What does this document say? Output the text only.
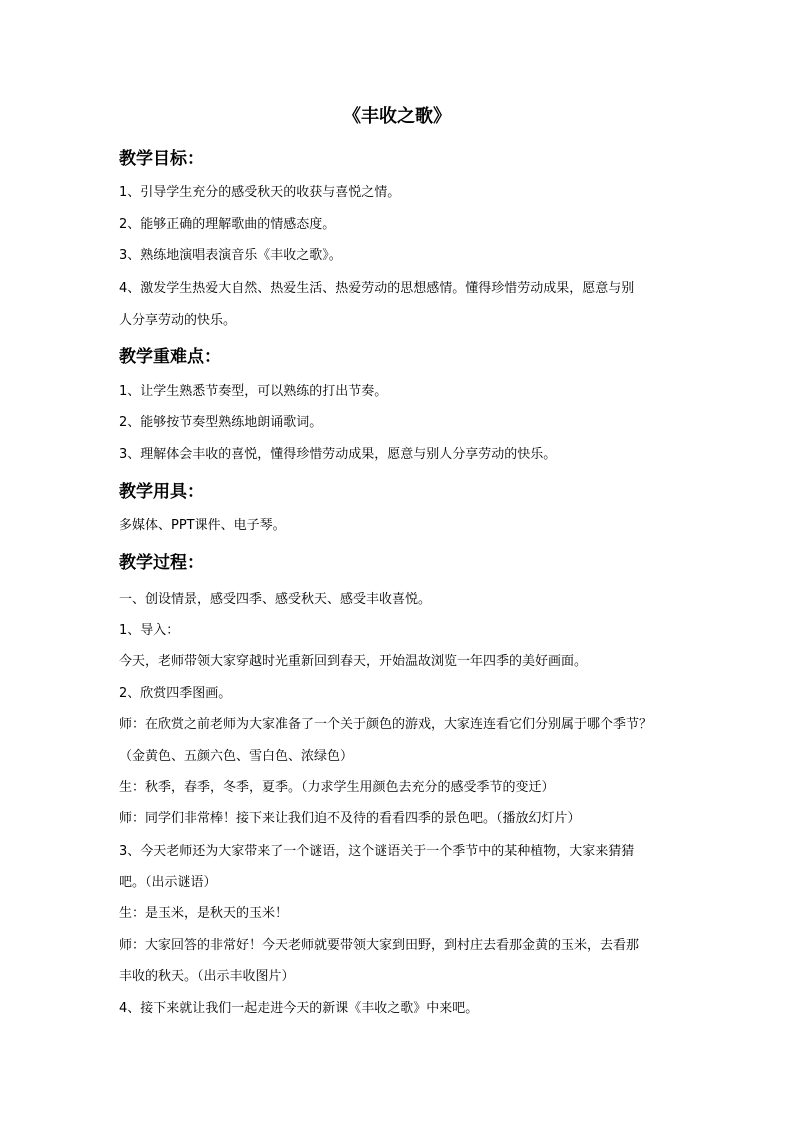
《丰收之歌》
教学目标：
1、引导学生充分的感受秋天的收获与喜悦之情。
2、能够正确的理解歌曲的情感态度。
3、熟练地演唱表演音乐《丰收之歌》。
4、激发学生热爱大自然、热爱生活、热爱劳动的思想感情。懂得珍惜劳动成果，愿意与别
人分享劳动的快乐。
教学重难点：
1、让学生熟悉节奏型，可以熟练的打出节奏。
2、能够按节奏型熟练地朗诵歌词。
3、理解体会丰收的喜悦，懂得珍惜劳动成果，愿意与别人分享劳动的快乐。
教学用具：
多媒体、PPT课件、电子琴。
教学过程：
一、创设情景，感受四季、感受秋天、感受丰收喜悦。
1、导入：
今天，老师带领大家穿越时光重新回到春天，开始温故浏览一年四季的美好画面。
2、欣赏四季图画。
师：在欣赏之前老师为大家准备了一个关于颜色的游戏，大家连连看它们分别属于哪个季节？
（金黄色、五颜六色、雪白色、浓绿色）
生：秋季，春季，冬季，夏季。（力求学生用颜色去充分的感受季节的变迁）
师：同学们非常棒！接下来让我们迫不及待的看看四季的景色吧。（播放幻灯片）
3、今天老师还为大家带来了一个谜语，这个谜语关于一个季节中的某种植物，大家来猜猜
吧。（出示谜语）
生：是玉米，是秋天的玉米！
师：大家回答的非常好！今天老师就要带领大家到田野，到村庄去看那金黄的玉米，去看那
丰收的秋天。（出示丰收图片）
4、接下来就让我们一起走进今天的新课《丰收之歌》中来吧。
